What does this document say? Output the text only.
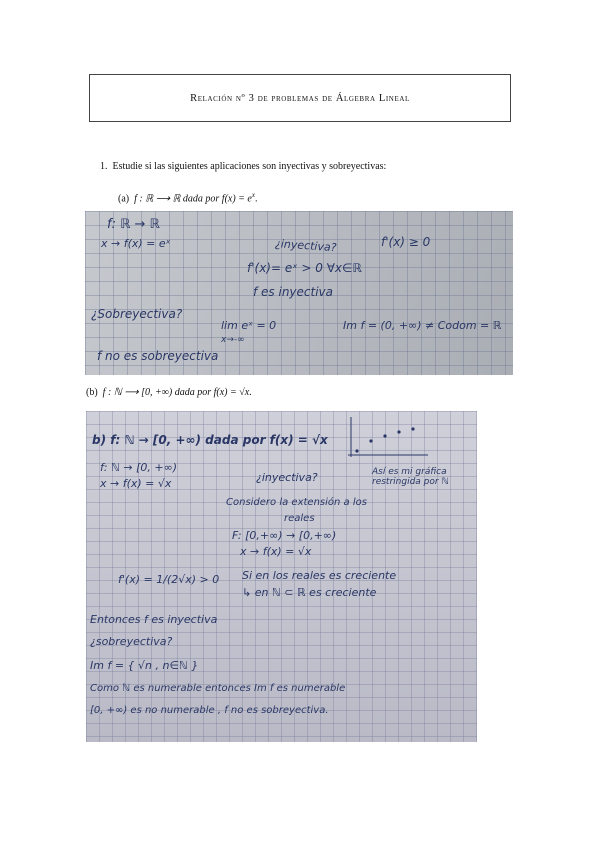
Relación nº 3 de problemas de Álgebra Lineal
1. Estudie si las siguientes aplicaciones son inyectivas y sobreyectivas:
(a) f : ℝ ⟶ ℝ dada por $f(x) = e^x$.
f: ℝ → ℝ
x → f(x) = eˣ	¿inyectiva?	f'(x) ≥ 0
f'(x)= eˣ > 0 ∀x∈ℝ
f es inyectiva
¿Sobreyectiva?
lim eˣ = 0
x→-∞
Im f = (0, +∞) ≠ Codom = ℝ
f no es sobreyectiva
(b) f : ℕ ⟶ [0, +∞) dada por f(x) = √x.
b) f: ℕ → [0, +∞) dada por f(x) = √x
Así es mi gráfica restringida por ℕ
f: ℕ → [0, +∞)
x → f(x) = √x	¿inyectiva?
Considero la extensión a los
reales
F: [0,+∞) → [0,+∞)
x → f(x) = √x
f'(x) = 1/(2√x) > 0 Si en los reales es creciente
↳ en ℕ ⊂ ℝ es creciente
Entonces f es inyectiva
¿sobreyectiva?
Im f = { √n , n∈ℕ }
Como ℕ es numerable entonces Im f es numerable
[0, +∞) es no numerable , f no es sobreyectiva.
